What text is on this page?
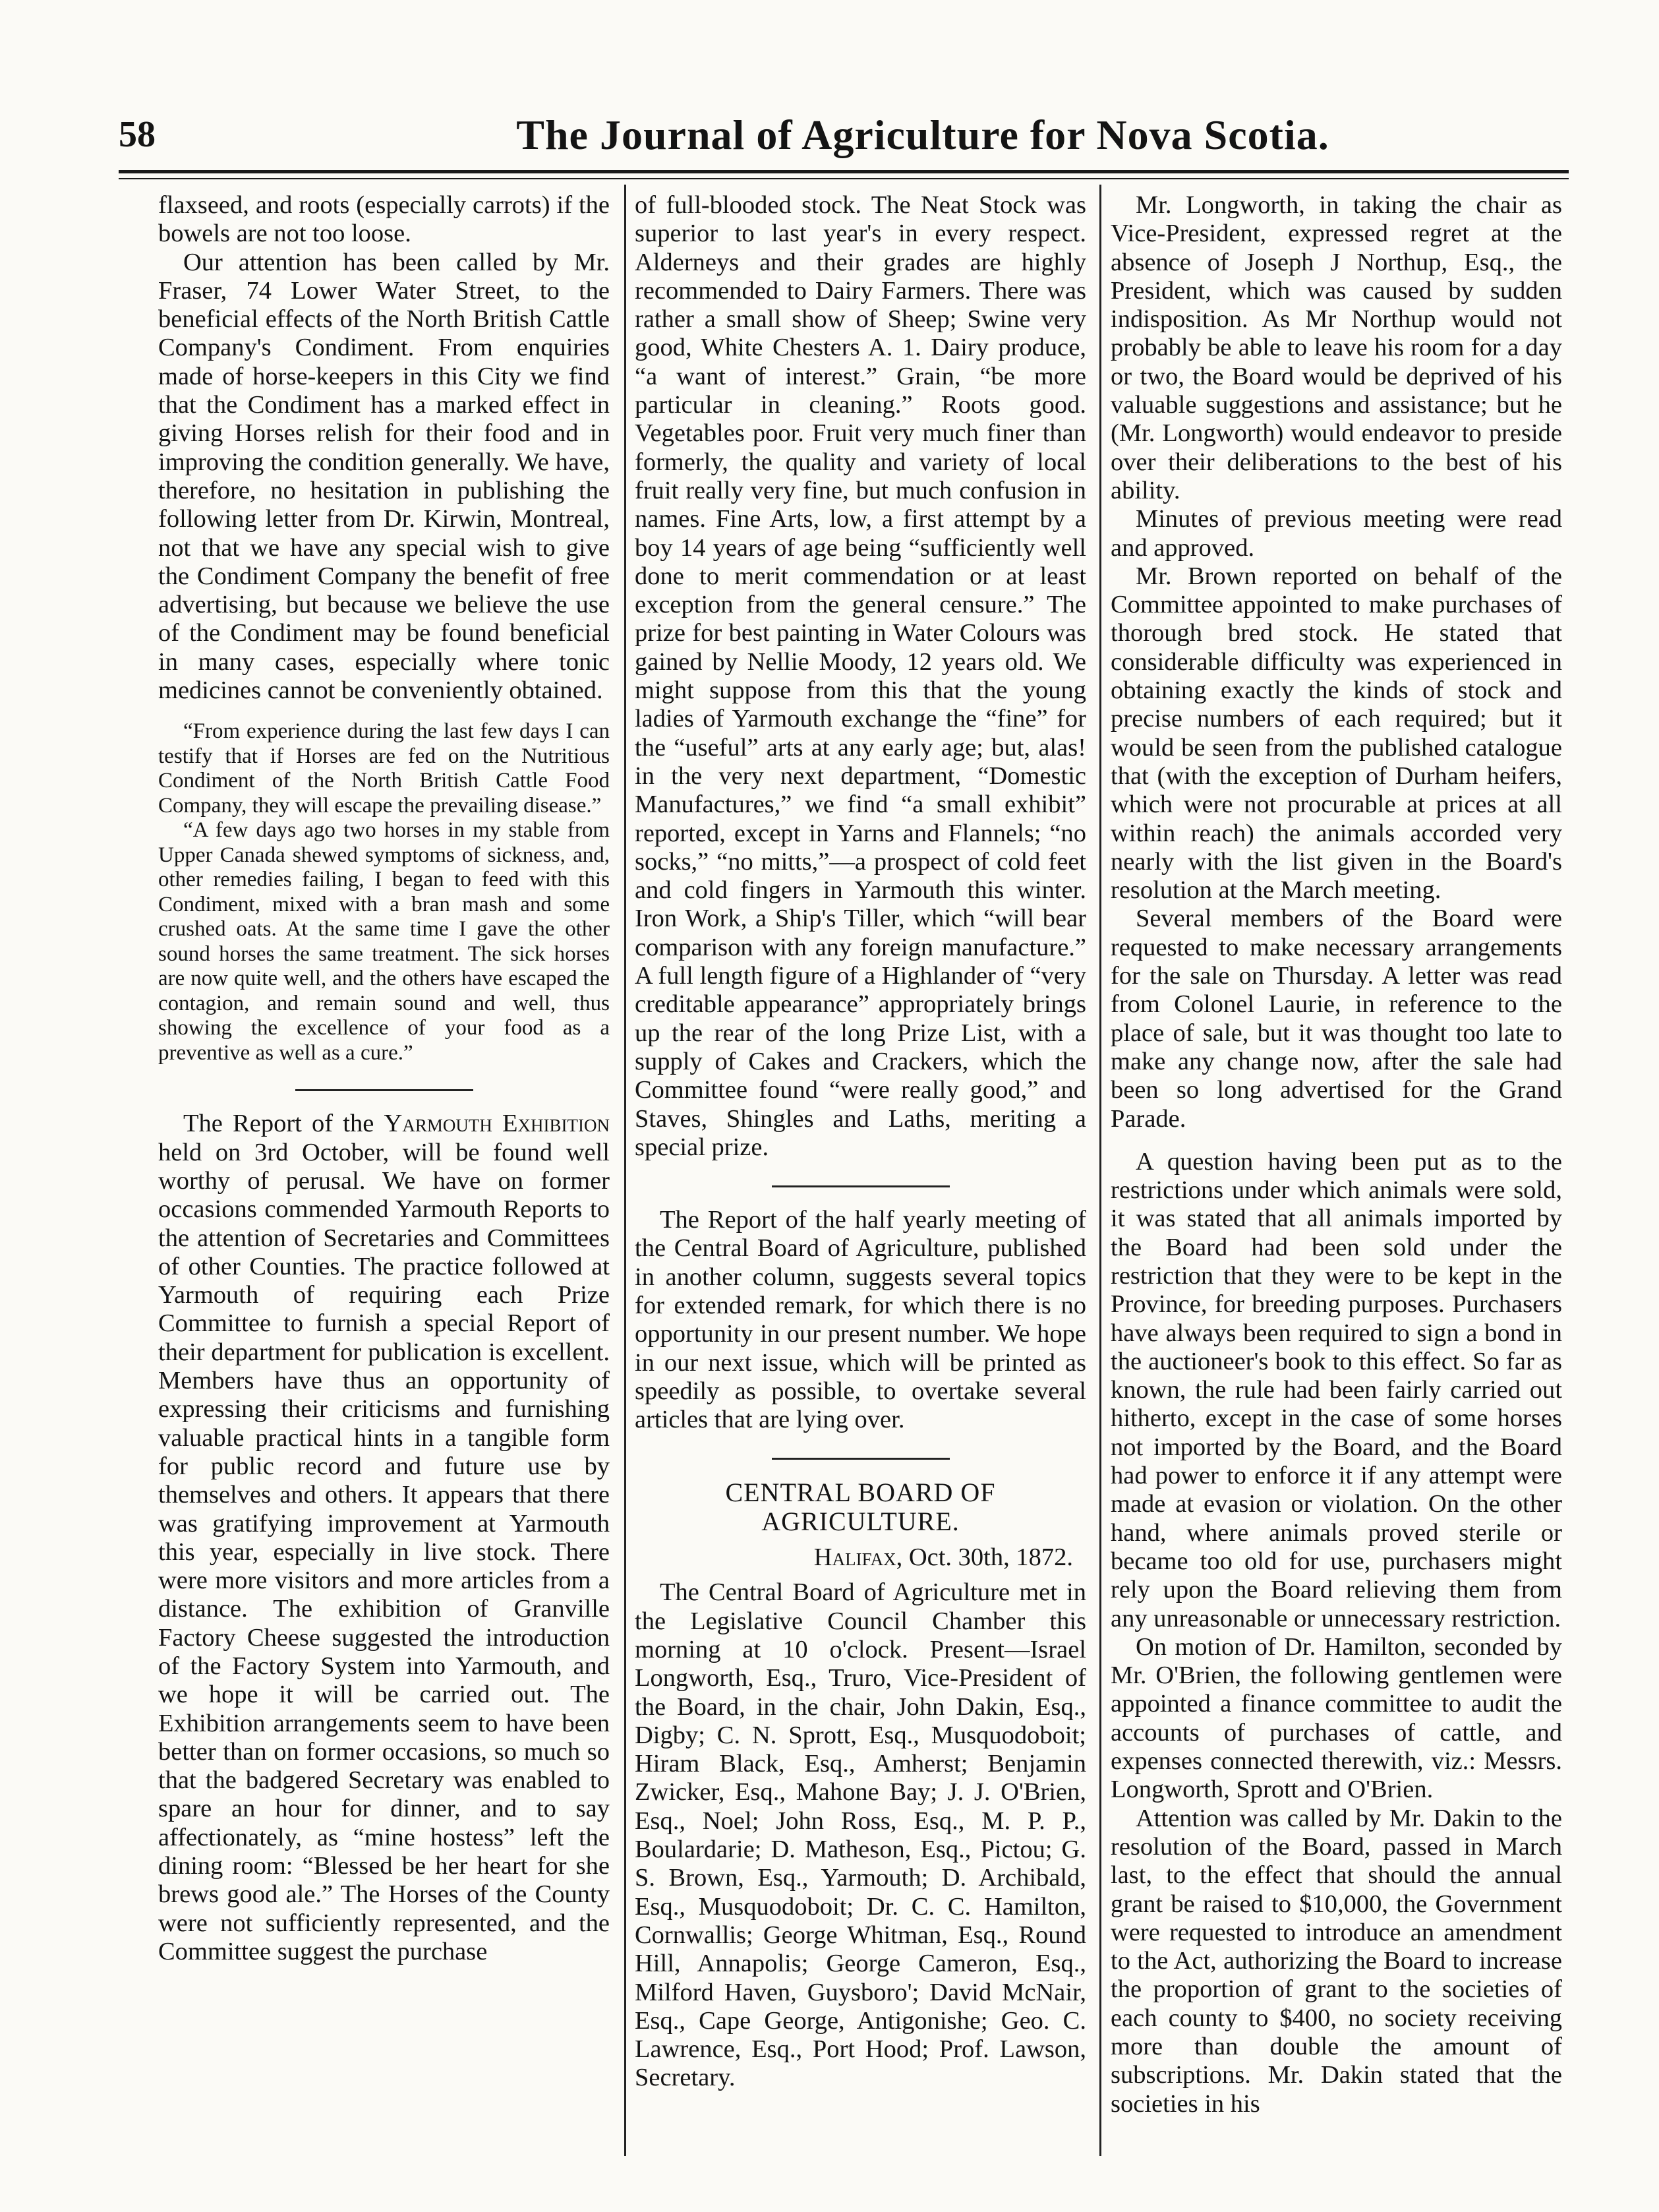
58	The Journal of Agriculture for Nova Scotia.

flaxseed, and roots (especially carrots) if the bowels are not too loose.

Our attention has been called by Mr. Fraser, 74 Lower Water Street, to the beneficial effects of the North British Cattle Company's Condiment. From enquiries made of horse-keepers in this City we find that the Condiment has a marked effect in giving Horses relish for their food and in improving the condition generally. We have, therefore, no hesitation in publishing the following letter from Dr. Kirwin, Montreal, not that we have any special wish to give the Condiment Company the benefit of free advertising, but because we believe the use of the Condiment may be found beneficial in many cases, especially where tonic medicines cannot be conveniently obtained.

“From experience during the last few days I can testify that if Horses are fed on the Nutritious Condiment of the North British Cattle Food Company, they will escape the prevailing disease.”

“A few days ago two horses in my stable from Upper Canada shewed symptoms of sickness, and, other remedies failing, I began to feed with this Condiment, mixed with a bran mash and some crushed oats. At the same time I gave the other sound horses the same treatment. The sick horses are now quite well, and the others have escaped the contagion, and remain sound and well, thus showing the excellence of your food as a preventive as well as a cure.”

The Report of the Yarmouth Exhibition held on 3rd October, will be found well worthy of perusal. We have on former occasions commended Yarmouth Reports to the attention of Secretaries and Committees of other Counties. The practice followed at Yarmouth of requiring each Prize Committee to furnish a special Report of their department for publication is excellent. Members have thus an opportunity of expressing their criticisms and furnishing valuable practical hints in a tangible form for public record and future use by themselves and others. It appears that there was gratifying improvement at Yarmouth this year, especially in live stock. There were more visitors and more articles from a distance. The exhibition of Granville Factory Cheese suggested the introduction of the Factory System into Yarmouth, and we hope it will be carried out. The Exhibition arrangements seem to have been better than on former occasions, so much so that the badgered Secretary was enabled to spare an hour for dinner, and to say affectionately, as “mine hostess” left the dining room: “Blessed be her heart for she brews good ale.” The Horses of the County were not sufficiently represented, and the Committee suggest the purchase

of full-blooded stock. The Neat Stock was superior to last year's in every respect. Alderneys and their grades are highly recommended to Dairy Farmers. There was rather a small show of Sheep; Swine very good, White Chesters A. 1. Dairy produce, “a want of interest.” Grain, “be more particular in cleaning.” Roots good. Vegetables poor. Fruit very much finer than formerly, the quality and variety of local fruit really very fine, but much confusion in names. Fine Arts, low, a first attempt by a boy 14 years of age being “sufficiently well done to merit commendation or at least exception from the general censure.” The prize for best painting in Water Colours was gained by Nellie Moody, 12 years old. We might suppose from this that the young ladies of Yarmouth exchange the “fine” for the “useful” arts at any early age; but, alas! in the very next department, “Domestic Manufactures,” we find “a small exhibit” reported, except in Yarns and Flannels; “no socks,” “no mitts,”—a prospect of cold feet and cold fingers in Yarmouth this winter. Iron Work, a Ship's Tiller, which “will bear comparison with any foreign manufacture.” A full length figure of a Highlander of “very creditable appearance” appropriately brings up the rear of the long Prize List, with a supply of Cakes and Crackers, which the Committee found “were really good,” and Staves, Shingles and Laths, meriting a special prize.

The Report of the half yearly meeting of the Central Board of Agriculture, published in another column, suggests several topics for extended remark, for which there is no opportunity in our present number. We hope in our next issue, which will be printed as speedily as possible, to overtake several articles that are lying over.

CENTRAL BOARD OF AGRICULTURE.
Halifax, Oct. 30th, 1872.

The Central Board of Agriculture met in the Legislative Council Chamber this morning at 10 o'clock. Present—Israel Longworth, Esq., Truro, Vice-President of the Board, in the chair, John Dakin, Esq., Digby; C. N. Sprott, Esq., Musquodoboit; Hiram Black, Esq., Amherst; Benjamin Zwicker, Esq., Mahone Bay; J. J. O'Brien, Esq., Noel; John Ross, Esq., M. P. P., Boulardarie; D. Matheson, Esq., Pictou; G. S. Brown, Esq., Yarmouth; D. Archibald, Esq., Musquodoboit; Dr. C. C. Hamilton, Cornwallis; George Whitman, Esq., Round Hill, Annapolis; George Cameron, Esq., Milford Haven, Guysboro'; David McNair, Esq., Cape George, Antigonishe; Geo. C. Lawrence, Esq., Port Hood; Prof. Lawson, Secretary.

Mr. Longworth, in taking the chair as Vice-President, expressed regret at the absence of Joseph J Northup, Esq., the President, which was caused by sudden indisposition. As Mr Northup would not probably be able to leave his room for a day or two, the Board would be deprived of his valuable suggestions and assistance; but he (Mr. Longworth) would endeavor to preside over their deliberations to the best of his ability.

Minutes of previous meeting were read and approved.

Mr. Brown reported on behalf of the Committee appointed to make purchases of thorough bred stock. He stated that considerable difficulty was experienced in obtaining exactly the kinds of stock and precise numbers of each required; but it would be seen from the published catalogue that (with the exception of Durham heifers, which were not procurable at prices at all within reach) the animals accorded very nearly with the list given in the Board's resolution at the March meeting.

Several members of the Board were requested to make necessary arrangements for the sale on Thursday. A letter was read from Colonel Laurie, in reference to the place of sale, but it was thought too late to make any change now, after the sale had been so long advertised for the Grand Parade.

A question having been put as to the restrictions under which animals were sold, it was stated that all animals imported by the Board had been sold under the restriction that they were to be kept in the Province, for breeding purposes. Purchasers have always been required to sign a bond in the auctioneer's book to this effect. So far as known, the rule had been fairly carried out hitherto, except in the case of some horses not imported by the Board, and the Board had power to enforce it if any attempt were made at evasion or violation. On the other hand, where animals proved sterile or became too old for use, purchasers might rely upon the Board relieving them from any unreasonable or unnecessary restriction.

On motion of Dr. Hamilton, seconded by Mr. O'Brien, the following gentlemen were appointed a finance committee to audit the accounts of purchases of cattle, and expenses connected therewith, viz.: Messrs. Longworth, Sprott and O'Brien.

Attention was called by Mr. Dakin to the resolution of the Board, passed in March last, to the effect that should the annual grant be raised to $10,000, the Government were requested to introduce an amendment to the Act, authorizing the Board to increase the proportion of grant to the societies of each county to $400, no society receiving more than double the amount of subscriptions. Mr. Dakin stated that the societies in his
